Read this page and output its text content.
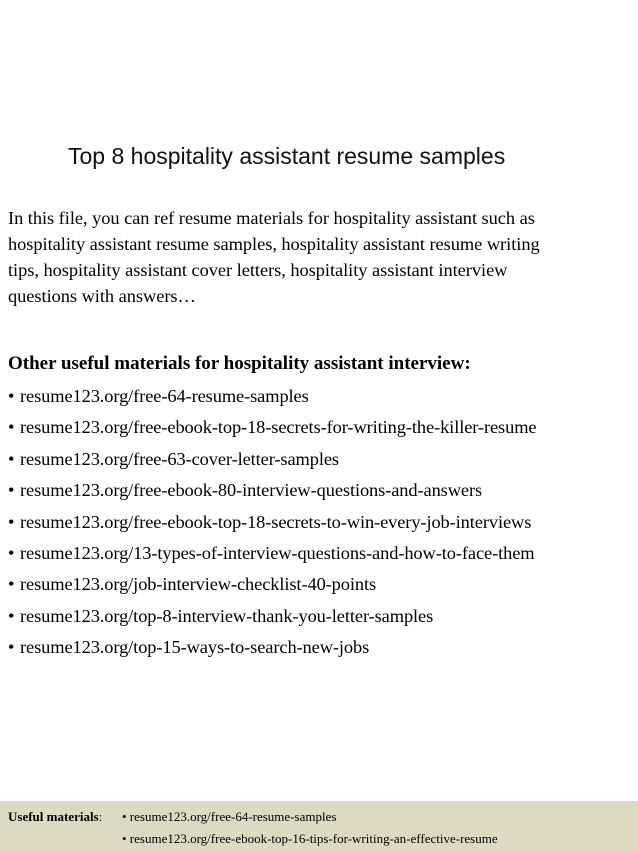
Top 8 hospitality assistant resume samples

In this file, you can ref resume materials for hospitality assistant such as
hospitality assistant resume samples, hospitality assistant resume writing
tips, hospitality assistant cover letters, hospitality assistant interview
questions with answers…

Other useful materials for hospitality assistant interview:
• resume123.org/free-64-resume-samples
• resume123.org/free-ebook-top-18-secrets-for-writing-the-killer-resume
• resume123.org/free-63-cover-letter-samples
• resume123.org/free-ebook-80-interview-questions-and-answers
• resume123.org/free-ebook-top-18-secrets-to-win-every-job-interviews
• resume123.org/13-types-of-interview-questions-and-how-to-face-them
• resume123.org/job-interview-checklist-40-points
• resume123.org/top-8-interview-thank-you-letter-samples
• resume123.org/top-15-ways-to-search-new-jobs
Useful materials: • resume123.org/free-64-resume-samples
• resume123.org/free-ebook-top-16-tips-for-writing-an-effective-resume
